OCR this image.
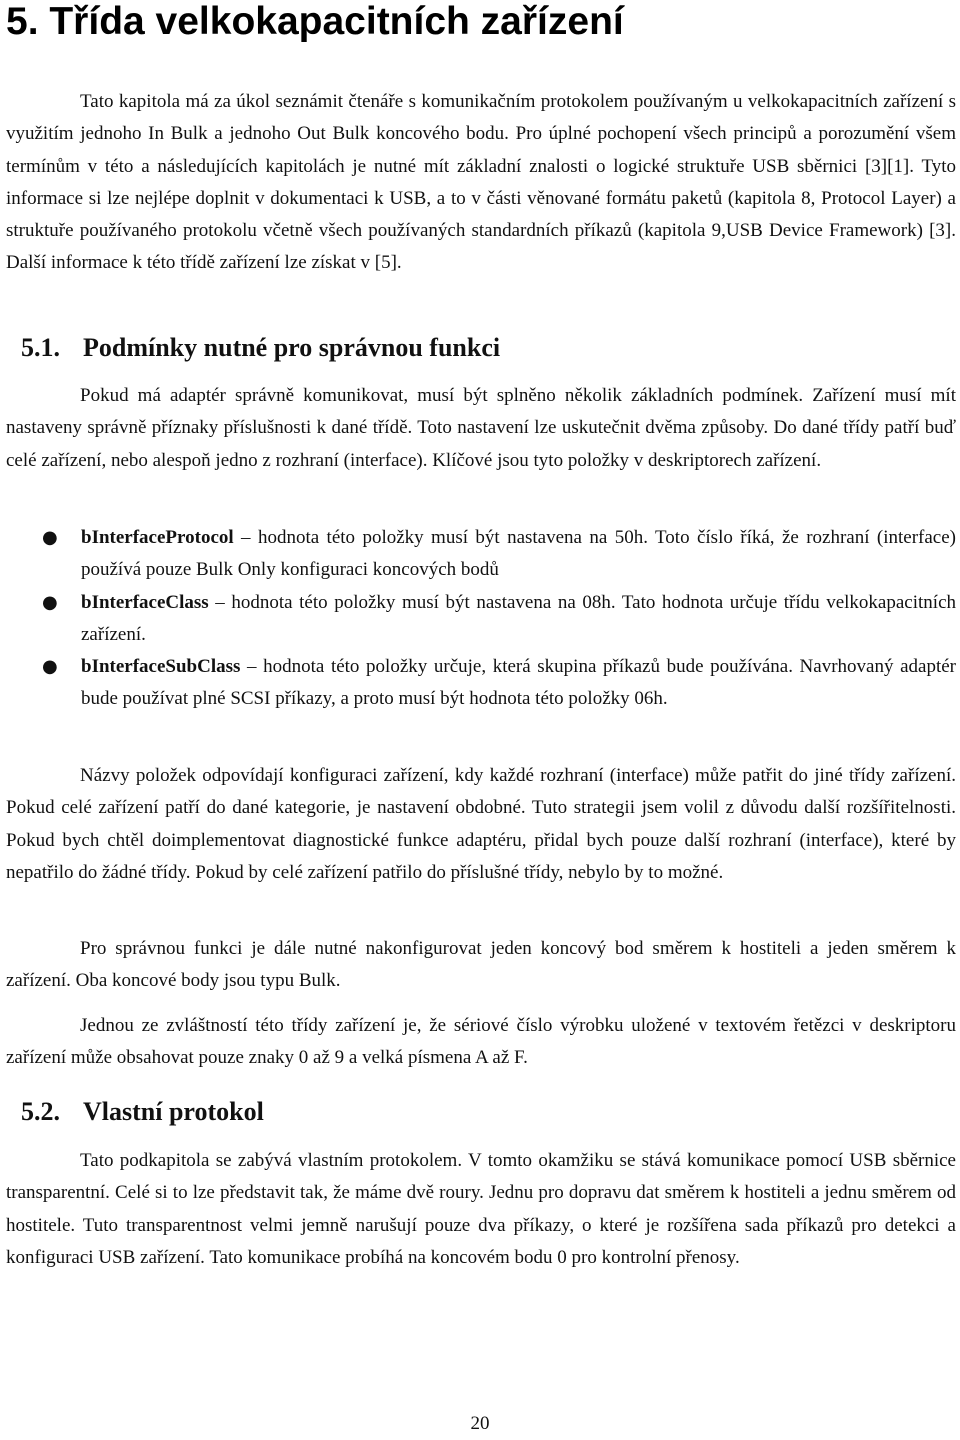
5. Třída velkokapacitních zařízení

Tato kapitola má za úkol seznámit čtenáře s komunikačním protokolem používaným u velkokapacitních zařízení s využitím jednoho In Bulk a jednoho Out Bulk koncového bodu. Pro úplné pochopení všech principů a porozumění všem termínům v této a následujících kapitolách je nutné mít základní znalosti o logické struktuře USB sběrnici [3][1]. Tyto informace si lze nejlépe doplnit v dokumentaci k USB, a to v části věnované formátu paketů (kapitola 8, Protocol Layer) a struktuře používaného protokolu včetně všech používaných standardních příkazů (kapitola 9,USB Device Framework) [3]. Další informace k této třídě zařízení lze získat v [5].

5.1. Podmínky nutné pro správnou funkci

Pokud má adaptér správně komunikovat, musí být splněno několik základních podmínek. Zařízení musí mít nastaveny správně příznaky příslušnosti k dané třídě. Toto nastavení lze uskutečnit dvěma způsoby. Do dané třídy patří buď celé zařízení, nebo alespoň jedno z rozhraní (interface). Klíčové jsou tyto položky v deskriptorech zařízení.

● bInterfaceProtocol – hodnota této položky musí být nastavena na 50h. Toto číslo říká, že rozhraní (interface) používá pouze Bulk Only konfiguraci koncových bodů
● bInterfaceClass – hodnota této položky musí být nastavena na 08h. Tato hodnota určuje třídu velkokapacitních zařízení.
● bInterfaceSubClass – hodnota této položky určuje, která skupina příkazů bude používána. Navrhovaný adaptér bude používat plné SCSI příkazy, a proto musí být hodnota této položky 06h.

Názvy položek odpovídají konfiguraci zařízení, kdy každé rozhraní (interface) může patřit do jiné třídy zařízení. Pokud celé zařízení patří do dané kategorie, je nastavení obdobné. Tuto strategii jsem volil z důvodu další rozšířitelnosti. Pokud bych chtěl doimplementovat diagnostické funkce adaptéru, přidal bych pouze další rozhraní (interface), které by nepatřilo do žádné třídy. Pokud by celé zařízení patřilo do příslušné třídy, nebylo by to možné.

Pro správnou funkci je dále nutné nakonfigurovat jeden koncový bod směrem k hostiteli a jeden směrem k zařízení. Oba koncové body jsou typu Bulk.

Jednou ze zvláštností této třídy zařízení je, že sériové číslo výrobku uložené v textovém řetězci v deskriptoru zařízení může obsahovat pouze znaky 0 až 9 a velká písmena A až F.

5.2. Vlastní protokol

Tato podkapitola se zabývá vlastním protokolem. V tomto okamžiku se stává komunikace pomocí USB sběrnice transparentní. Celé si to lze představit tak, že máme dvě roury. Jednu pro dopravu dat směrem k hostiteli a jednu směrem od hostitele. Tuto transparentnost velmi jemně narušují pouze dva příkazy, o které je rozšířena sada příkazů pro detekci a konfiguraci USB zařízení. Tato komunikace probíhá na koncovém bodu 0 pro kontrolní přenosy.

20
